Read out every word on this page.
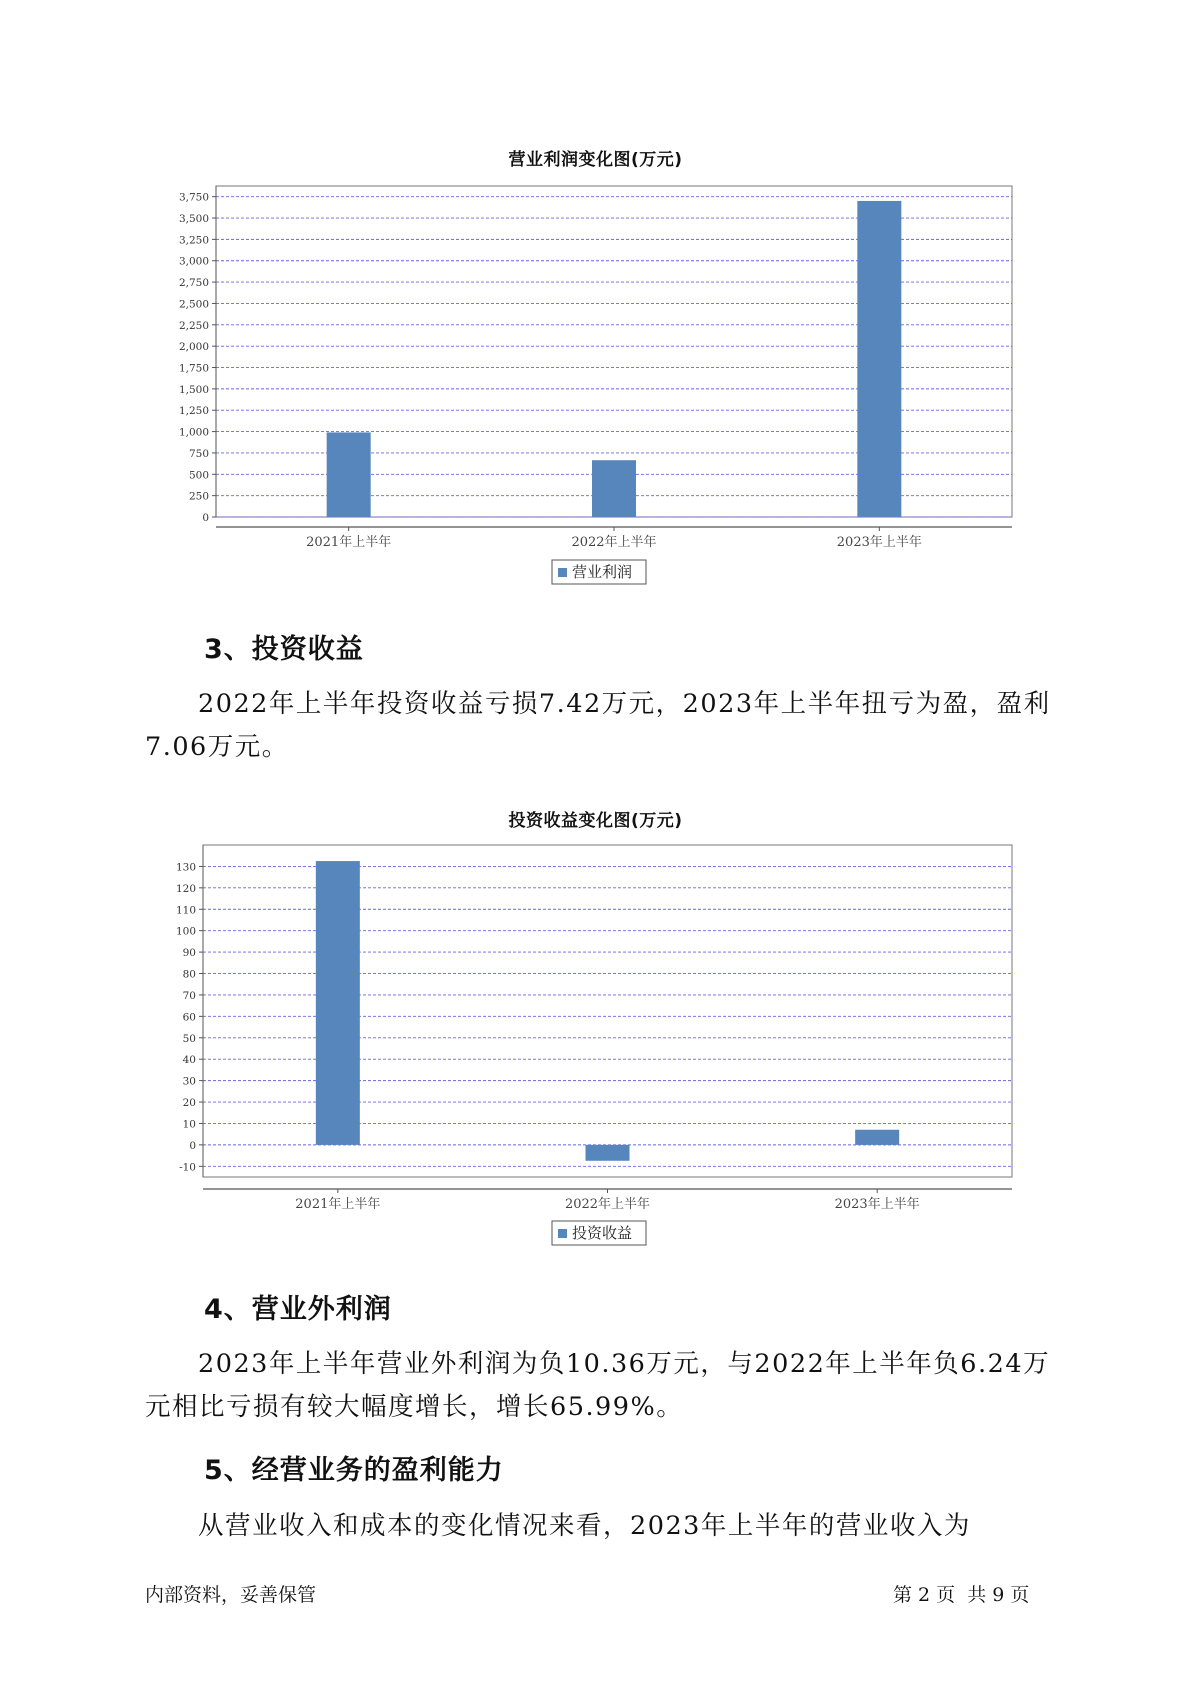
营业利润变化图(万元)
0
250
500
750
1,000
1,250
1,500
1,750
2,000
2,250
2,500
2,750
3,000
3,250
3,500
3,750
2021年上半年	2022年上半年	2023年上半年
营业利润
3、投资收益
2022年上半年投资收益亏损7.42万元，2023年上半年扭亏为盈，盈利7.06万元。
投资收益变化图(万元)
-10
0
10
20
30
40
50
60
70
80
90
100
110
120
130
2021年上半年	2022年上半年	2023年上半年
投资收益
4、营业外利润
2023年上半年营业外利润为负10.36万元，与2022年上半年负6.24万元相比亏损有较大幅度增长，增长65.99%。
5、经营业务的盈利能力
从营业收入和成本的变化情况来看，2023年上半年的营业收入为
内部资料，妥善保管	第 2 页  共 9 页
